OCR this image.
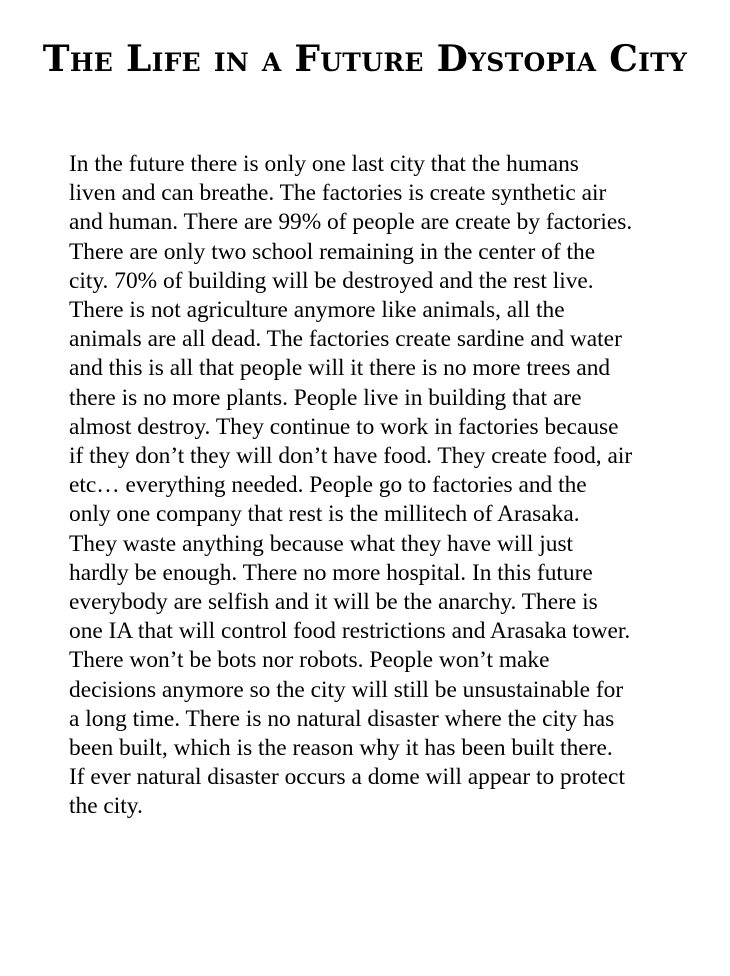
The Life in a Future Dystopia City

In the future there is only one last city that the humans
liven and can breathe. The factories is create synthetic air
and human. There are 99% of people are create by factories.
There are only two school remaining in the center of the
city. 70% of building will be destroyed and the rest live.
There is not agriculture anymore like animals, all the
animals are all dead. The factories create sardine and water
and this is all that people will it there is no more trees and
there is no more plants. People live in building that are
almost destroy. They continue to work in factories because
if they don’t they will don’t have food. They create food, air
etc… everything needed. People go to factories and the
only one company that rest is the millitech of Arasaka.
They waste anything because what they have will just
hardly be enough. There no more hospital. In this future
everybody are selfish and it will be the anarchy. There is
one IA that will control food restrictions and Arasaka tower.
There won’t be bots nor robots. People won’t make
decisions anymore so the city will still be unsustainable for
a long time. There is no natural disaster where the city has
been built, which is the reason why it has been built there.
If ever natural disaster occurs a dome will appear to protect
the city.
